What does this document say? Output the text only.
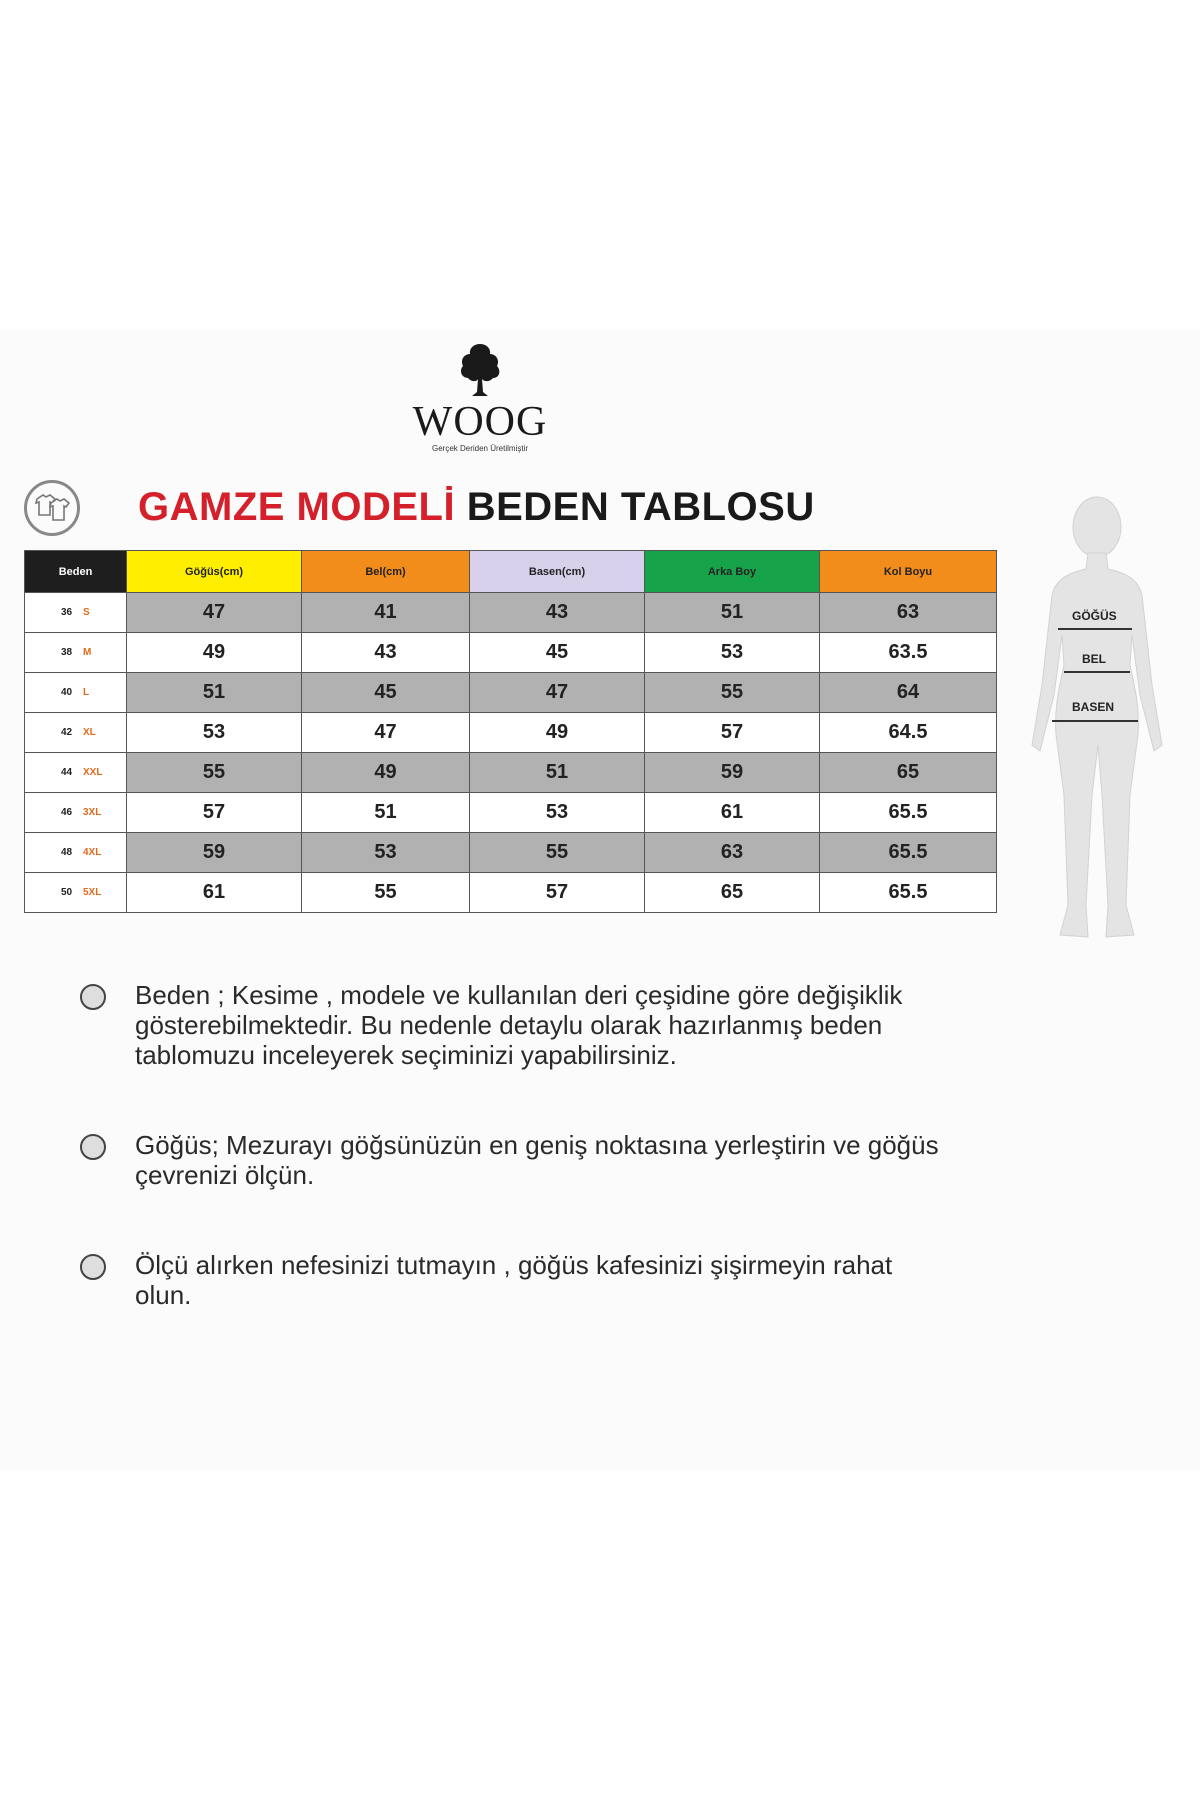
WOOG
Gerçek Deriden Üretilmiştir
GAMZE MODELİ BEDEN TABLOSU
Beden	Göğüs(cm)	Bel(cm)	Basen(cm)	Arka Boy	Kol Boyu
36 S	47	41	43	51	63
38 M	49	43	45	53	63.5
40 L	51	45	47	55	64
42 XL	53	47	49	57	64.5
44 XXL	55	49	51	59	65
46 3XL	57	51	53	61	65.5
48 4XL	59	53	55	63	65.5
50 5XL	61	55	57	65	65.5
GÖĞÜS
BEL
BASEN
Beden ; Kesime , modele ve kullanılan deri çeşidine göre değişiklik gösterebilmektedir. Bu nedenle detaylu olarak hazırlanmış beden tablomuzu inceleyerek seçiminizi yapabilirsiniz.
Göğüs; Mezurayı göğsünüzün en geniş noktasına yerleştirin ve göğüs çevrenizi ölçün.
Ölçü alırken nefesinizi tutmayın , göğüs kafesinizi şişirmeyin rahat olun.
